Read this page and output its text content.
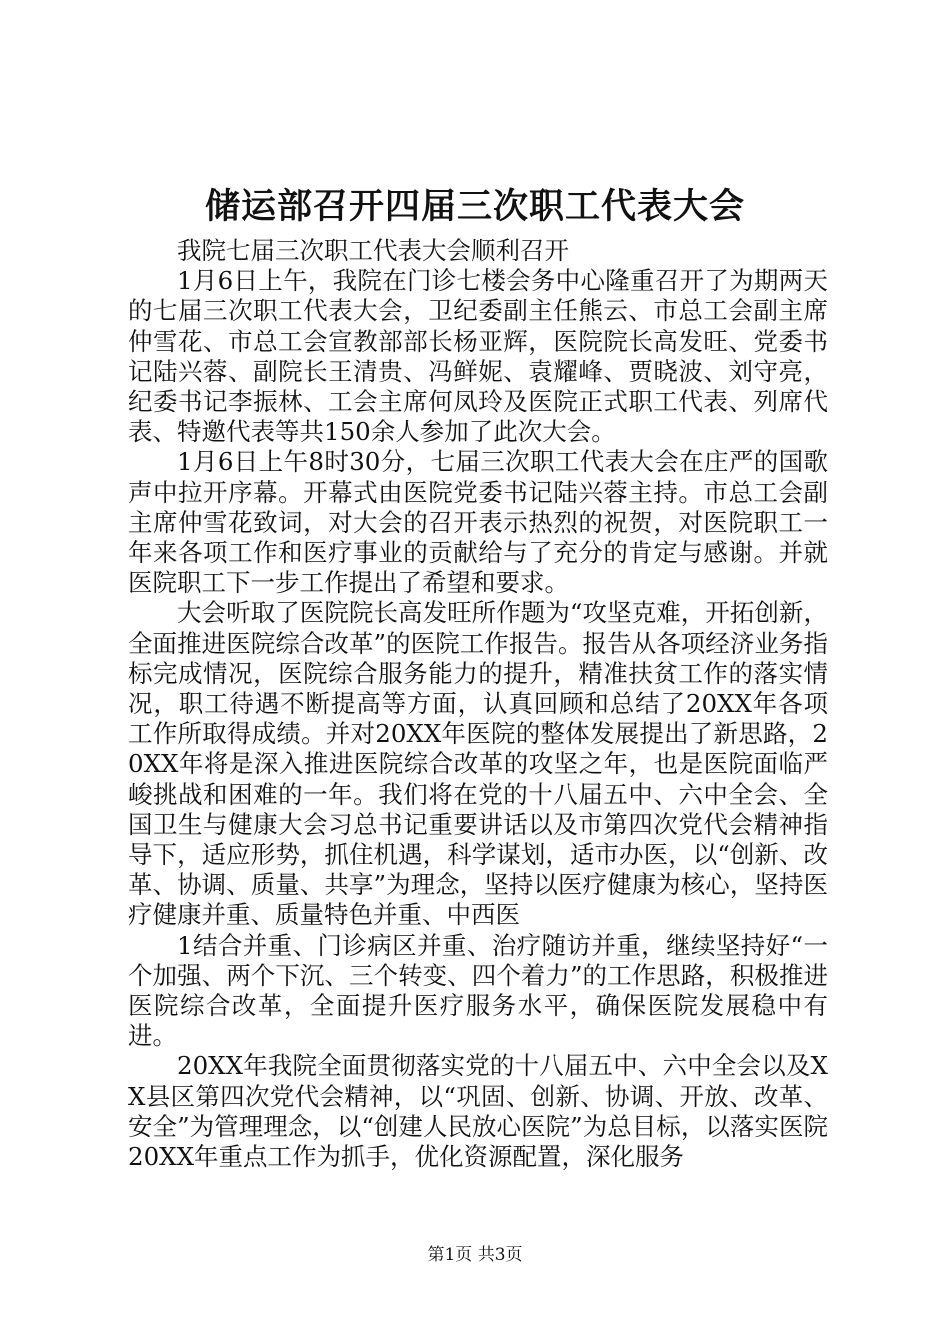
储运部召开四届三次职工代表大会

我院七届三次职工代表大会顺利召开

1月6日上午，我院在门诊七楼会务中心隆重召开了为期两天的七届三次职工代表大会，卫纪委副主任熊云、市总工会副主席仲雪花、市总工会宣教部部长杨亚辉，医院院长高发旺、党委书记陆兴蓉、副院长王清贵、冯鲜妮、袁耀峰、贾晓波、刘守亮，纪委书记李振林、工会主席何凤玲及医院正式职工代表、列席代表、特邀代表等共150余人参加了此次大会。

1月6日上午8时30分，七届三次职工代表大会在庄严的国歌声中拉开序幕。开幕式由医院党委书记陆兴蓉主持。市总工会副主席仲雪花致词，对大会的召开表示热烈的祝贺，对医院职工一年来各项工作和医疗事业的贡献给与了充分的肯定与感谢。并就医院职工下一步工作提出了希望和要求。

大会听取了医院院长高发旺所作题为“攻坚克难，开拓创新，全面推进医院综合改革”的医院工作报告。报告从各项经济业务指标完成情况，医院综合服务能力的提升，精准扶贫工作的落实情况，职工待遇不断提高等方面，认真回顾和总结了20XX年各项工作所取得成绩。并对20XX年医院的整体发展提出了新思路，20XX年将是深入推进医院综合改革的攻坚之年，也是医院面临严峻挑战和困难的一年。我们将在党的十八届五中、六中全会、全国卫生与健康大会习总书记重要讲话以及市第四次党代会精神指导下，适应形势，抓住机遇，科学谋划，适市办医，以“创新、改革、协调、质量、共享”为理念，坚持以医疗健康为核心，坚持医疗健康并重、质量特色并重、中西医

1结合并重、门诊病区并重、治疗随访并重，继续坚持好“一个加强、两个下沉、三个转变、四个着力”的工作思路，积极推进医院综合改革，全面提升医疗服务水平，确保医院发展稳中有进。

20XX年我院全面贯彻落实党的十八届五中、六中全会以及XX县区第四次党代会精神，以“巩固、创新、协调、开放、改革、安全”为管理理念，以“创建人民放心医院”为总目标，以落实医院20XX年重点工作为抓手，优化资源配置，深化服务

第1页 共3页
